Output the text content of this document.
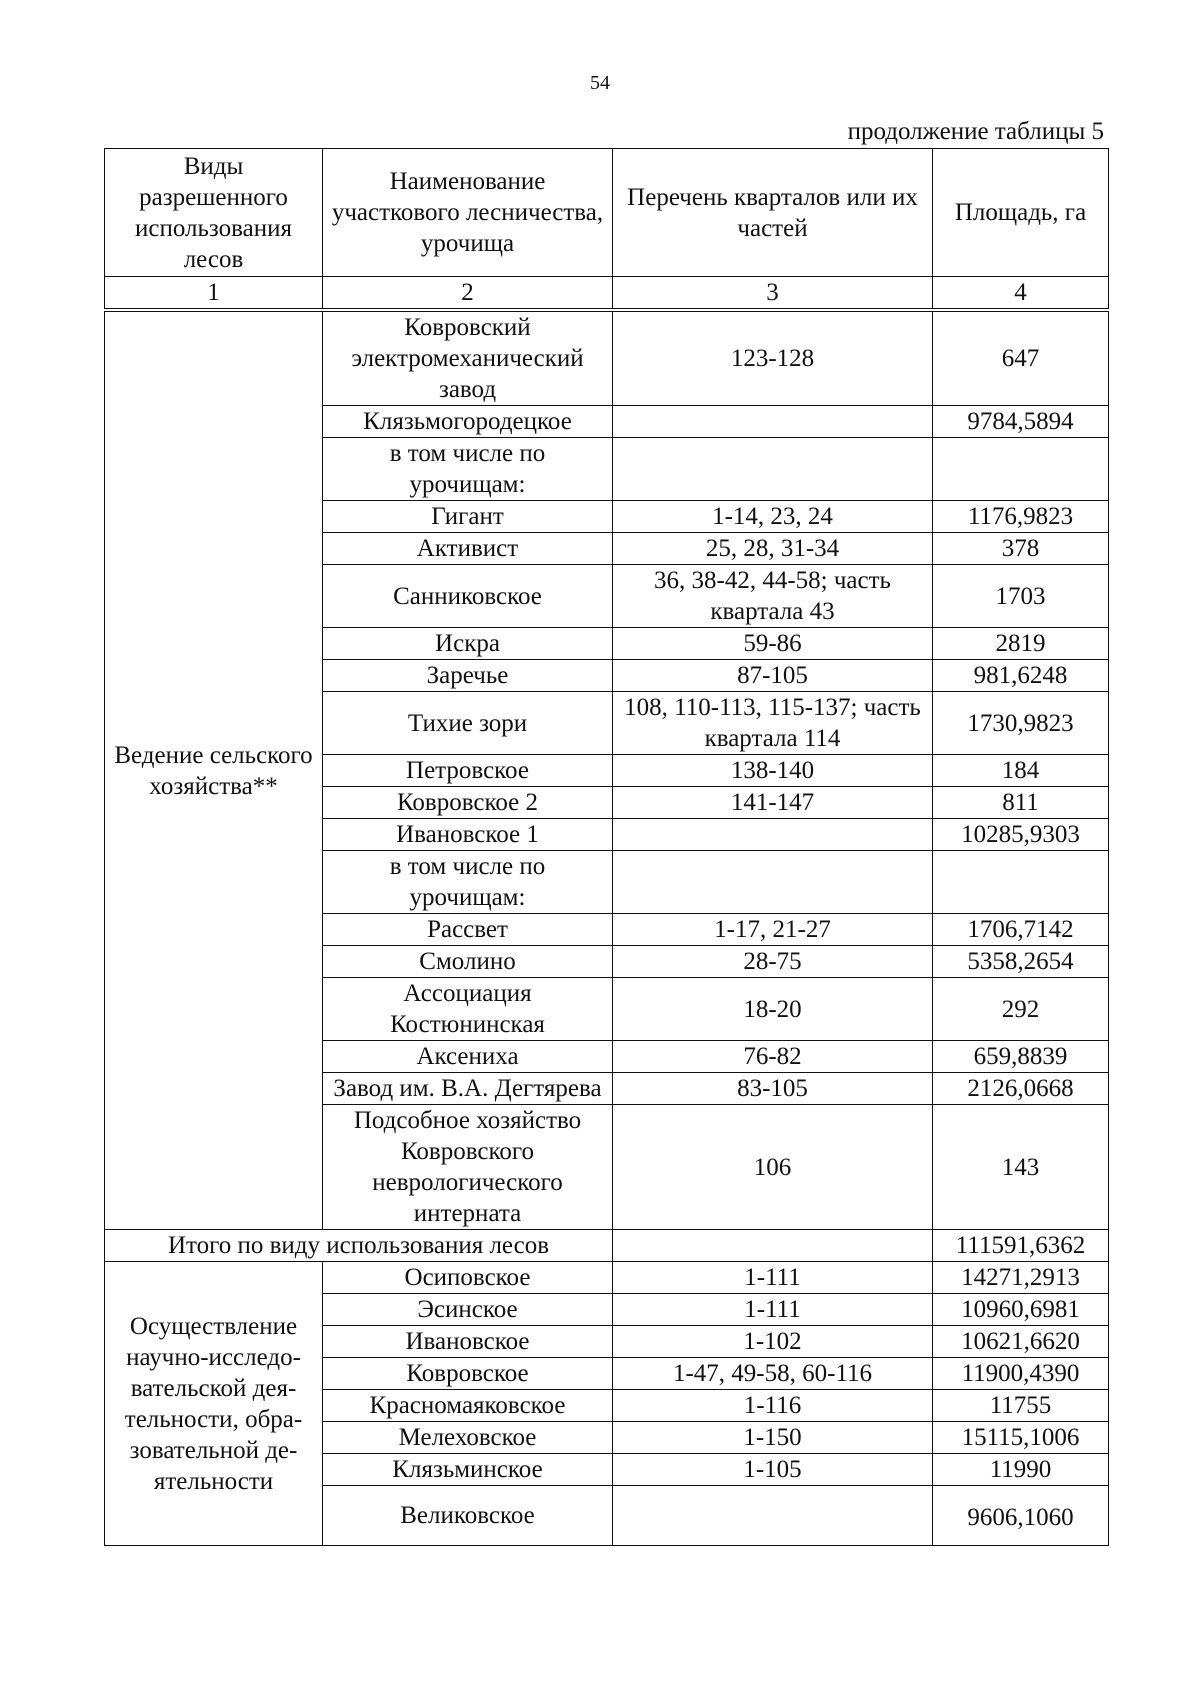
54
продолжение таблицы 5
Виды разрешенного использования лесов	Наименование участкового лесничества, урочища	Перечень кварталов или их частей	Площадь, га
1	2	3	4
Ведение сельского хозяйства**	Ковровский электромеханический завод	123-128	647
	Клязьмогородецкое		9784,5894
	в том числе по урочищам:		
	Гигант	1-14, 23, 24	1176,9823
	Активист	25, 28, 31-34	378
	Санниковское	36, 38-42, 44-58; часть квартала 43	1703
	Искра	59-86	2819
	Заречье	87-105	981,6248
	Тихие зори	108, 110-113, 115-137; часть квартала 114	1730,9823
	Петровское	138-140	184
	Ковровское 2	141-147	811
	Ивановское 1		10285,9303
	в том числе по урочищам:		
	Рассвет	1-17, 21-27	1706,7142
	Смолино	28-75	5358,2654
	Ассоциация Костюнинская	18-20	292
	Аксениха	76-82	659,8839
	Завод им. В.А. Дегтярева	83-105	2126,0668
	Подсобное хозяйство Ковровского неврологического интерната	106	143
Итого по виду использования лесов			111591,6362
Осуществление научно-исследо-вательской дея-тельности, обра-зовательной де-ятельности	Осиповское	1-111	14271,2913
	Эсинское	1-111	10960,6981
	Ивановское	1-102	10621,6620
	Ковровское	1-47, 49-58, 60-116	11900,4390
	Красномаяковское	1-116	11755
	Мелеховское	1-150	15115,1006
	Клязьминское	1-105	11990
	Великовское		9606,1060
